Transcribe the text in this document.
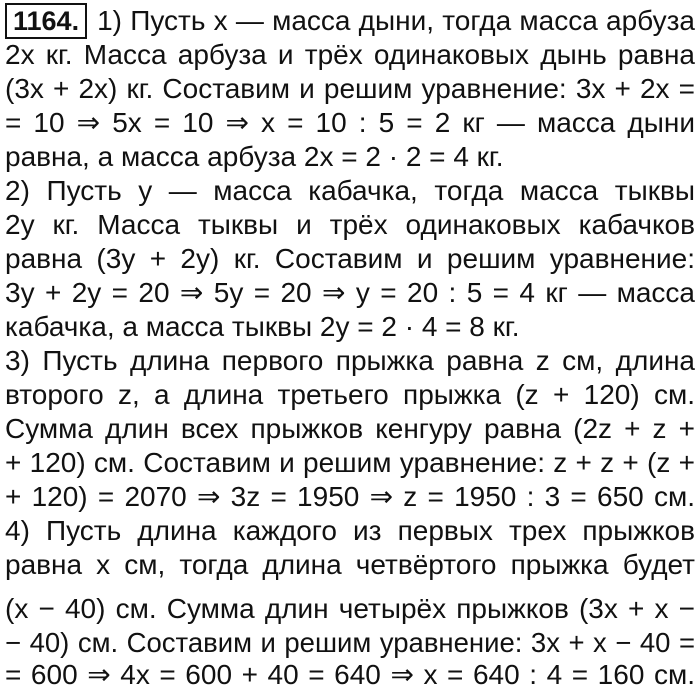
1164. 1) Пусть x — масса дыни, тогда масса арбуза
2x кг. Масса арбуза и трёх одинаковых дынь равна
(3x + 2x) кг. Составим и решим уравнение: 3x + 2x =
= 10 ⇒ 5x = 10 ⇒ x = 10 : 5 = 2 кг — масса дыни
равна, а масса арбуза 2x = 2 · 2 = 4 кг.
2) Пусть y — масса кабачка, тогда масса тыквы
2y кг. Масса тыквы и трёх одинаковых кабачков
равна (3y + 2y) кг. Составим и решим уравнение:
3y + 2y = 20 ⇒ 5y = 20 ⇒ y = 20 : 5 = 4 кг — масса
кабачка, а масса тыквы 2y = 2 · 4 = 8 кг.
3) Пусть длина первого прыжка равна z см, длина
второго z, а длина третьего прыжка (z + 120) см.
Сумма длин всех прыжков кенгуру равна (2z + z +
+ 120) см. Составим и решим уравнение: z + z + (z +
+ 120) = 2070 ⇒ 3z = 1950 ⇒ z = 1950 : 3 = 650 см.
4) Пусть длина каждого из первых трех прыжков
равна x см, тогда длина четвёртого прыжка будет
(x − 40) см. Сумма длин четырёх прыжков (3x + x −
− 40) см. Составим и решим уравнение: 3x + x − 40 =
= 600 ⇒ 4x = 600 + 40 = 640 ⇒ x = 640 : 4 = 160 см.
